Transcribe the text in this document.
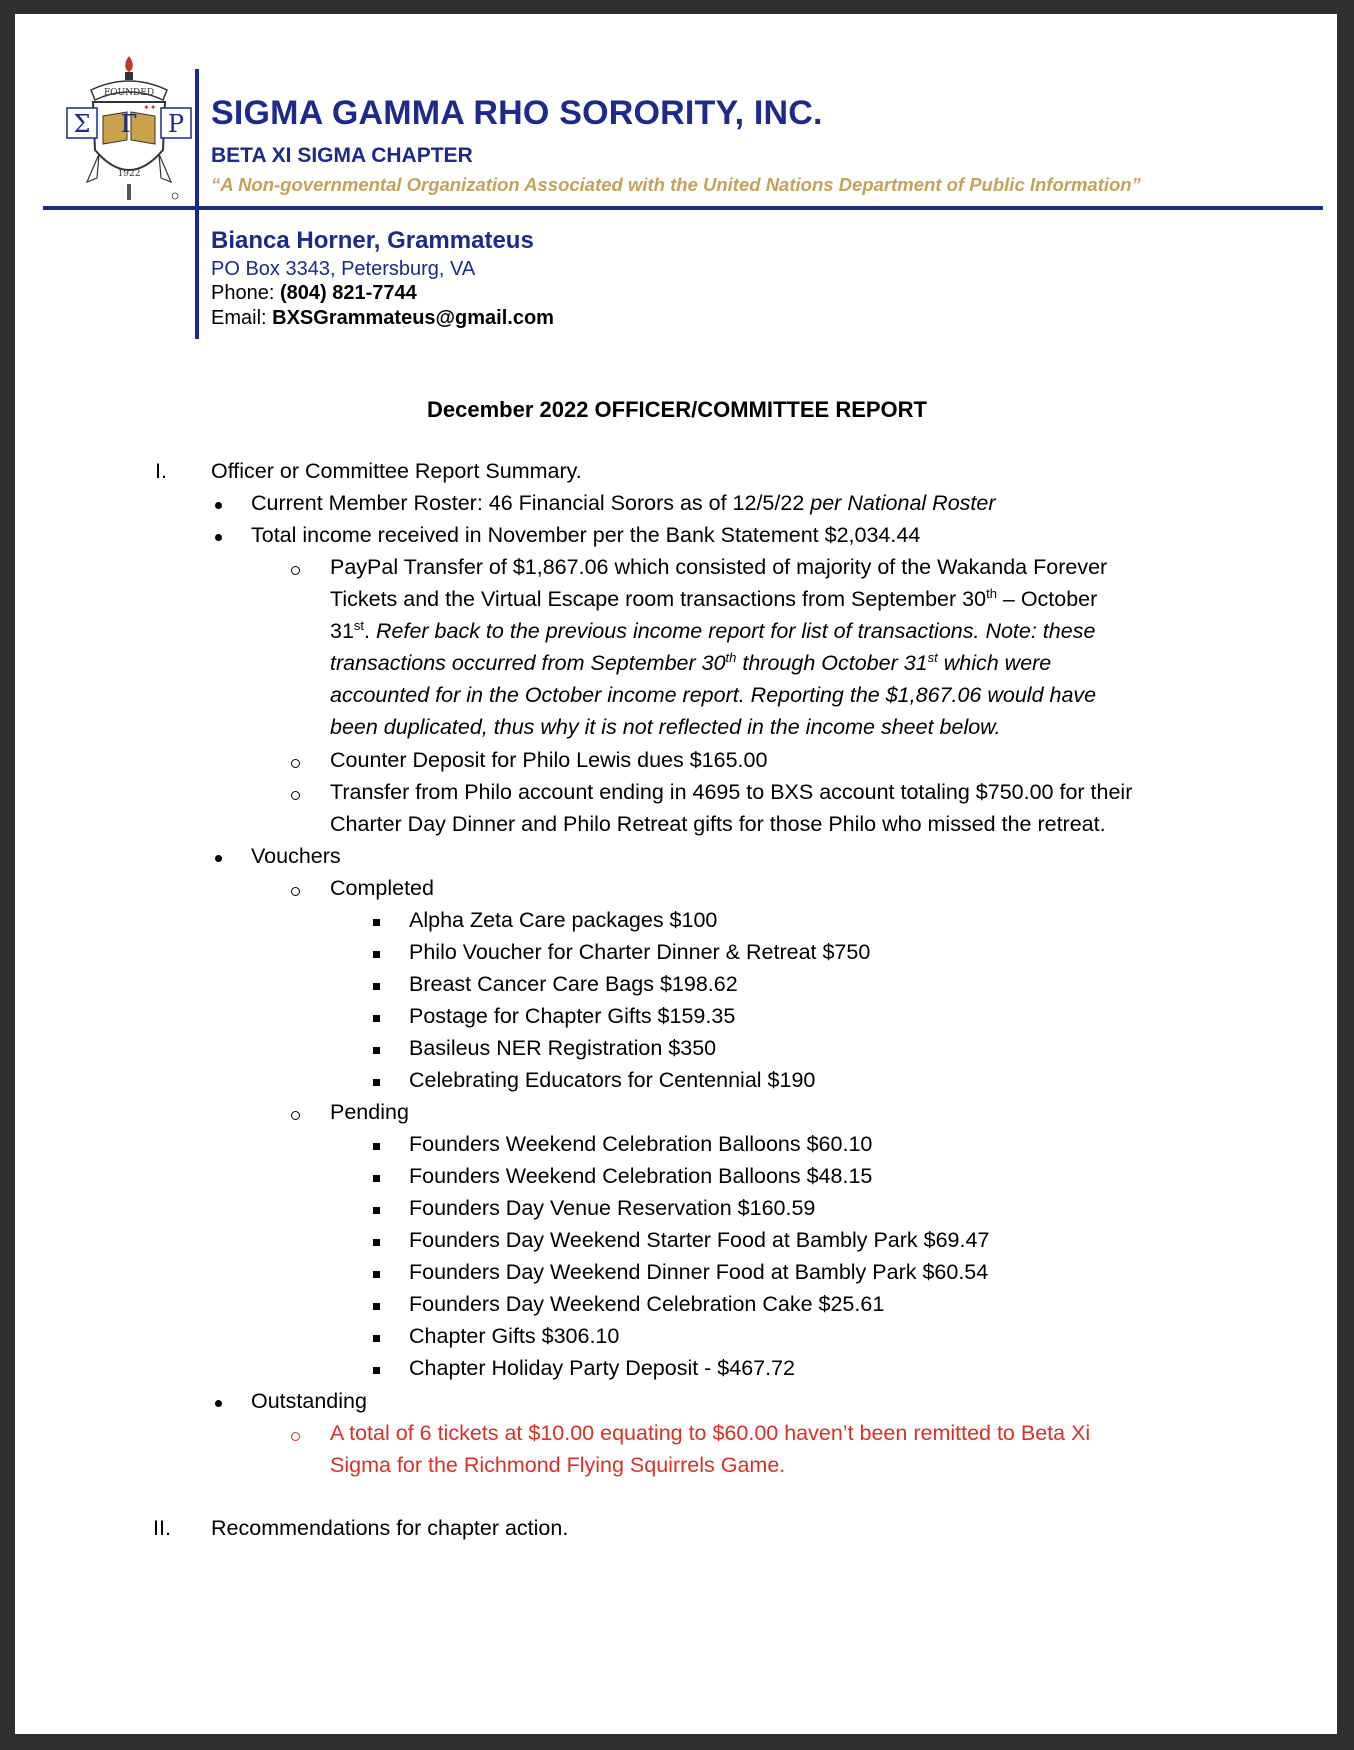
FOUNDED
✦✦
Σ Γ Ρ
1922
SIGMA GAMMA RHO SORORITY, INC.
BETA XI SIGMA CHAPTER
“A Non-governmental Organization Associated with the United Nations Department of Public Information”
Bianca Horner, Grammateus
PO Box 3343, Petersburg, VA
Phone: (804) 821-7744
Email: BXSGrammateus@gmail.com
December 2022 OFFICER/COMMITTEE REPORT
I. Officer or Committee Report Summary.
Current Member Roster: 46 Financial Sorors as of 12/5/22 per National Roster
Total income received in November per the Bank Statement $2,034.44
PayPal Transfer of $1,867.06 which consisted of majority of the Wakanda Forever
Tickets and the Virtual Escape room transactions from September 30th – October
31st. Refer back to the previous income report for list of transactions. Note: these
transactions occurred from September 30th through October 31st which were
accounted for in the October income report. Reporting the $1,867.06 would have
been duplicated, thus why it is not reflected in the income sheet below.
Counter Deposit for Philo Lewis dues $165.00
Transfer from Philo account ending in 4695 to BXS account totaling $750.00 for their
Charter Day Dinner and Philo Retreat gifts for those Philo who missed the retreat.
Vouchers
Completed
Alpha Zeta Care packages $100
Philo Voucher for Charter Dinner & Retreat $750
Breast Cancer Care Bags $198.62
Postage for Chapter Gifts $159.35
Basileus NER Registration $350
Celebrating Educators for Centennial $190
Pending
Founders Weekend Celebration Balloons $60.10
Founders Weekend Celebration Balloons $48.15
Founders Day Venue Reservation $160.59
Founders Day Weekend Starter Food at Bambly Park $69.47
Founders Day Weekend Dinner Food at Bambly Park $60.54
Founders Day Weekend Celebration Cake $25.61
Chapter Gifts $306.10
Chapter Holiday Party Deposit - $467.72
Outstanding
A total of 6 tickets at $10.00 equating to $60.00 haven’t been remitted to Beta Xi
Sigma for the Richmond Flying Squirrels Game.
II. Recommendations for chapter action.
